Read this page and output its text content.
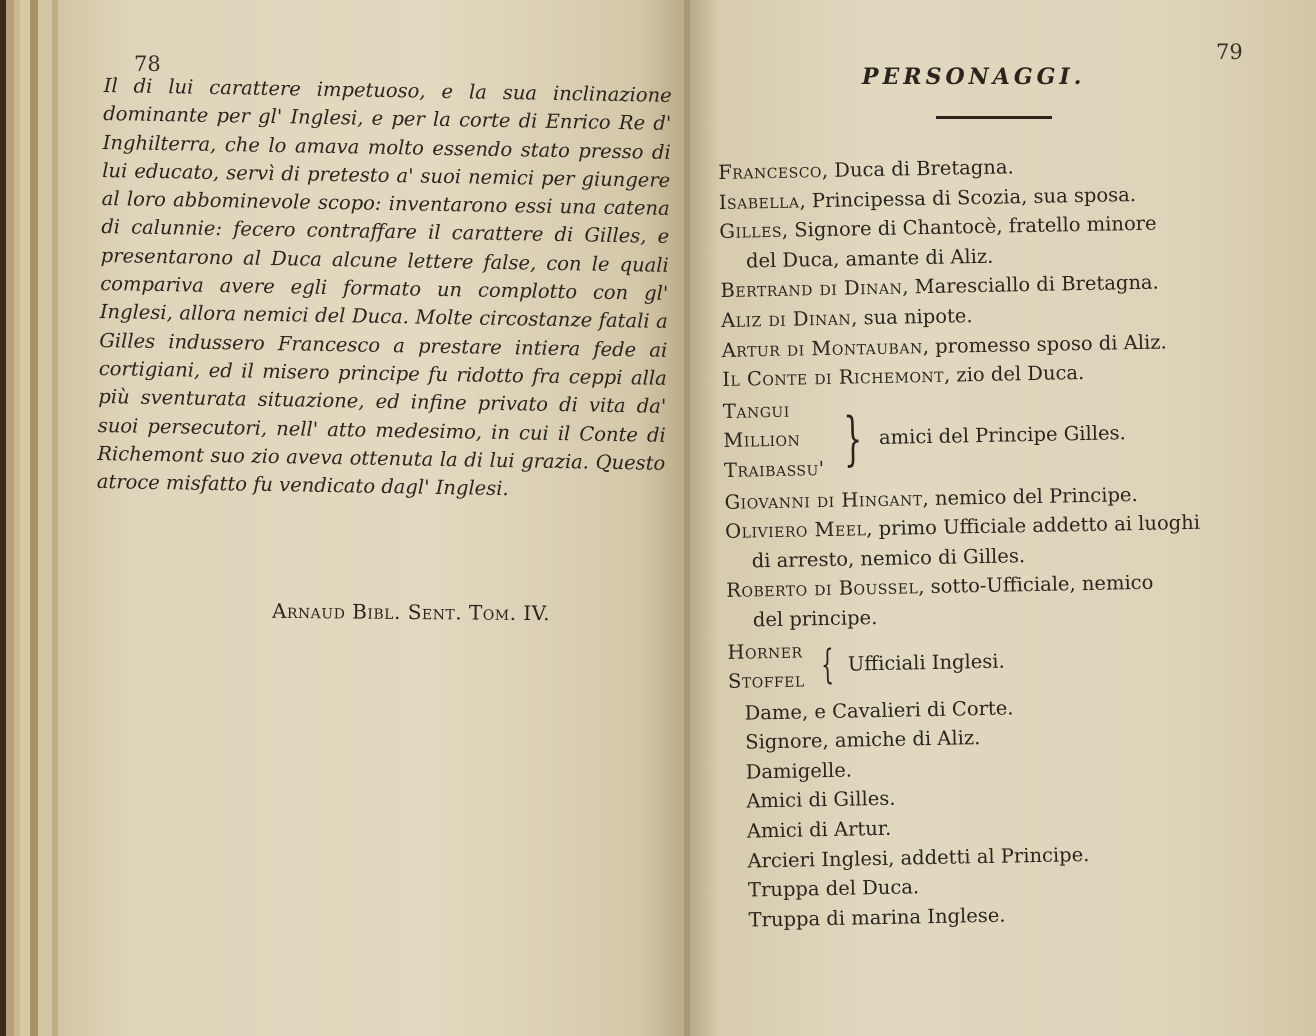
78

Il di lui carattere impetuoso, e la sua inclinazione dominante per gl' Inglesi, e per la corte di Enrico Re d' Inghilterra, che lo amava molto essendo stato presso di lui educato, servì di pretesto a' suoi nemici per giungere al loro abbominevole scopo: inventarono essi una catena di calunnie: fecero contraffare il carattere di Gilles, e presentarono al Duca alcune lettere false, con le quali compariva avere egli formato un complotto con gl' Inglesi, allora nemici del Duca. Molte circostanze fatali a Gilles indussero Francesco a prestare intiera fede ai cortigiani, ed il misero principe fu ridotto fra ceppi alla più sventurata situazione, ed infine privato di vita da' suoi persecutori, nell' atto medesimo, in cui il Conte di Richemont suo zio aveva ottenuta la di lui grazia. Questo atroce misfatto fu vendicato dagl' Inglesi.

Arnaud Bibl. Sent. Tom. IV.
79
PERSONAGGI.
Francesco, Duca di Bretagna.
Isabella, Principessa di Scozia, sua sposa.
Gilles, Signore di Chantocè, fratello minore
del Duca, amante di Aliz.
Bertrand di Dinan, Maresciallo di Bretagna.
Aliz di Dinan, sua nipote.
Artur di Montauban, promesso sposo di Aliz.
Il Conte di Richemont, zio del Duca.
Tangui
Million
Traibassu' } amici del Principe Gilles.
Giovanni di Hingant, nemico del Principe.
Oliviero Meel, primo Ufficiale addetto ai luoghi
di arresto, nemico di Gilles.
Roberto di Boussel, sotto-Ufficiale, nemico
del principe.
Horner
Stoffel { Ufficiali Inglesi.
Dame, e Cavalieri di Corte.
Signore, amiche di Aliz.
Damigelle.
Amici di Gilles.
Amici di Artur.
Arcieri Inglesi, addetti al Principe.
Truppa del Duca.
Truppa di marina Inglese.
